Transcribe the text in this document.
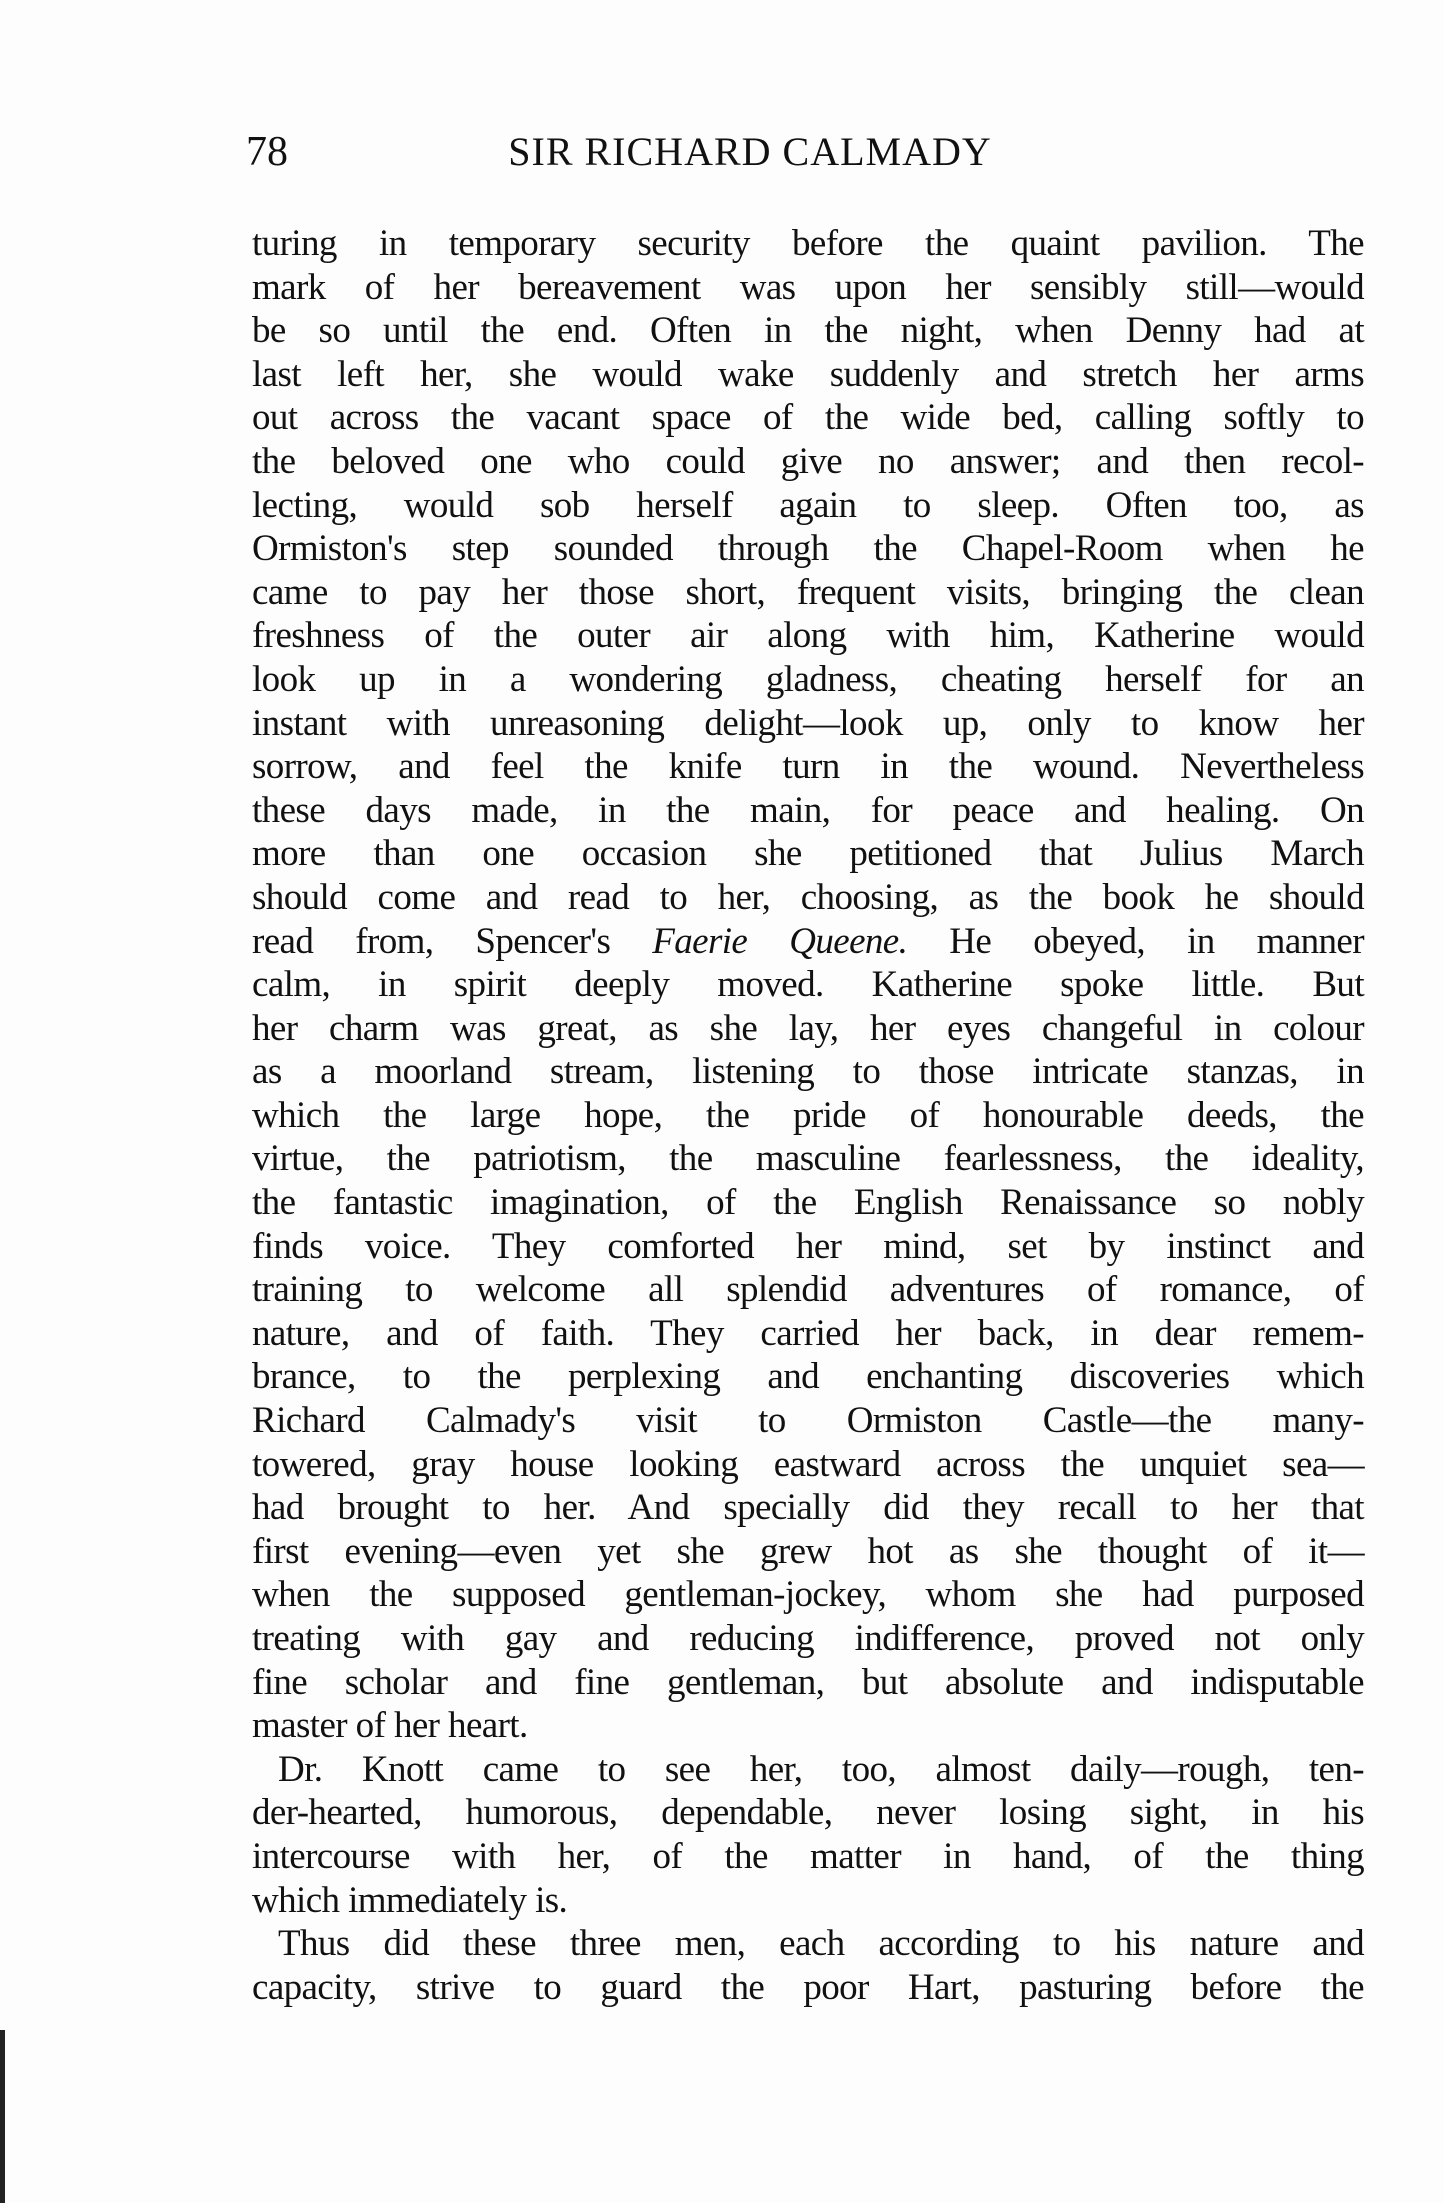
78	SIR RICHARD CALMADY
turing in temporary security before the quaint pavilion. The
mark of her bereavement was upon her sensibly still—would
be so until the end. Often in the night, when Denny had at
last left her, she would wake suddenly and stretch her arms
out across the vacant space of the wide bed, calling softly to
the beloved one who could give no answer; and then recol-
lecting, would sob herself again to sleep. Often too, as
Ormiston's step sounded through the Chapel-Room when he
came to pay her those short, frequent visits, bringing the clean
freshness of the outer air along with him, Katherine would
look up in a wondering gladness, cheating herself for an
instant with unreasoning delight—look up, only to know her
sorrow, and feel the knife turn in the wound. Nevertheless
these days made, in the main, for peace and healing. On
more than one occasion she petitioned that Julius March
should come and read to her, choosing, as the book he should
read from, Spencer's Faerie Queene. He obeyed, in manner
calm, in spirit deeply moved. Katherine spoke little. But
her charm was great, as she lay, her eyes changeful in colour
as a moorland stream, listening to those intricate stanzas, in
which the large hope, the pride of honourable deeds, the
virtue, the patriotism, the masculine fearlessness, the ideality,
the fantastic imagination, of the English Renaissance so nobly
finds voice. They comforted her mind, set by instinct and
training to welcome all splendid adventures of romance, of
nature, and of faith. They carried her back, in dear remem-
brance, to the perplexing and enchanting discoveries which
Richard Calmady's visit to Ormiston Castle—the many-
towered, gray house looking eastward across the unquiet sea—
had brought to her. And specially did they recall to her that
first evening—even yet she grew hot as she thought of it—
when the supposed gentleman-jockey, whom she had purposed
treating with gay and reducing indifference, proved not only
fine scholar and fine gentleman, but absolute and indisputable
master of her heart.
Dr. Knott came to see her, too, almost daily—rough, ten-
der-hearted, humorous, dependable, never losing sight, in his
intercourse with her, of the matter in hand, of the thing
which immediately is.
Thus did these three men, each according to his nature and
capacity, strive to guard the poor Hart, pasturing before the
